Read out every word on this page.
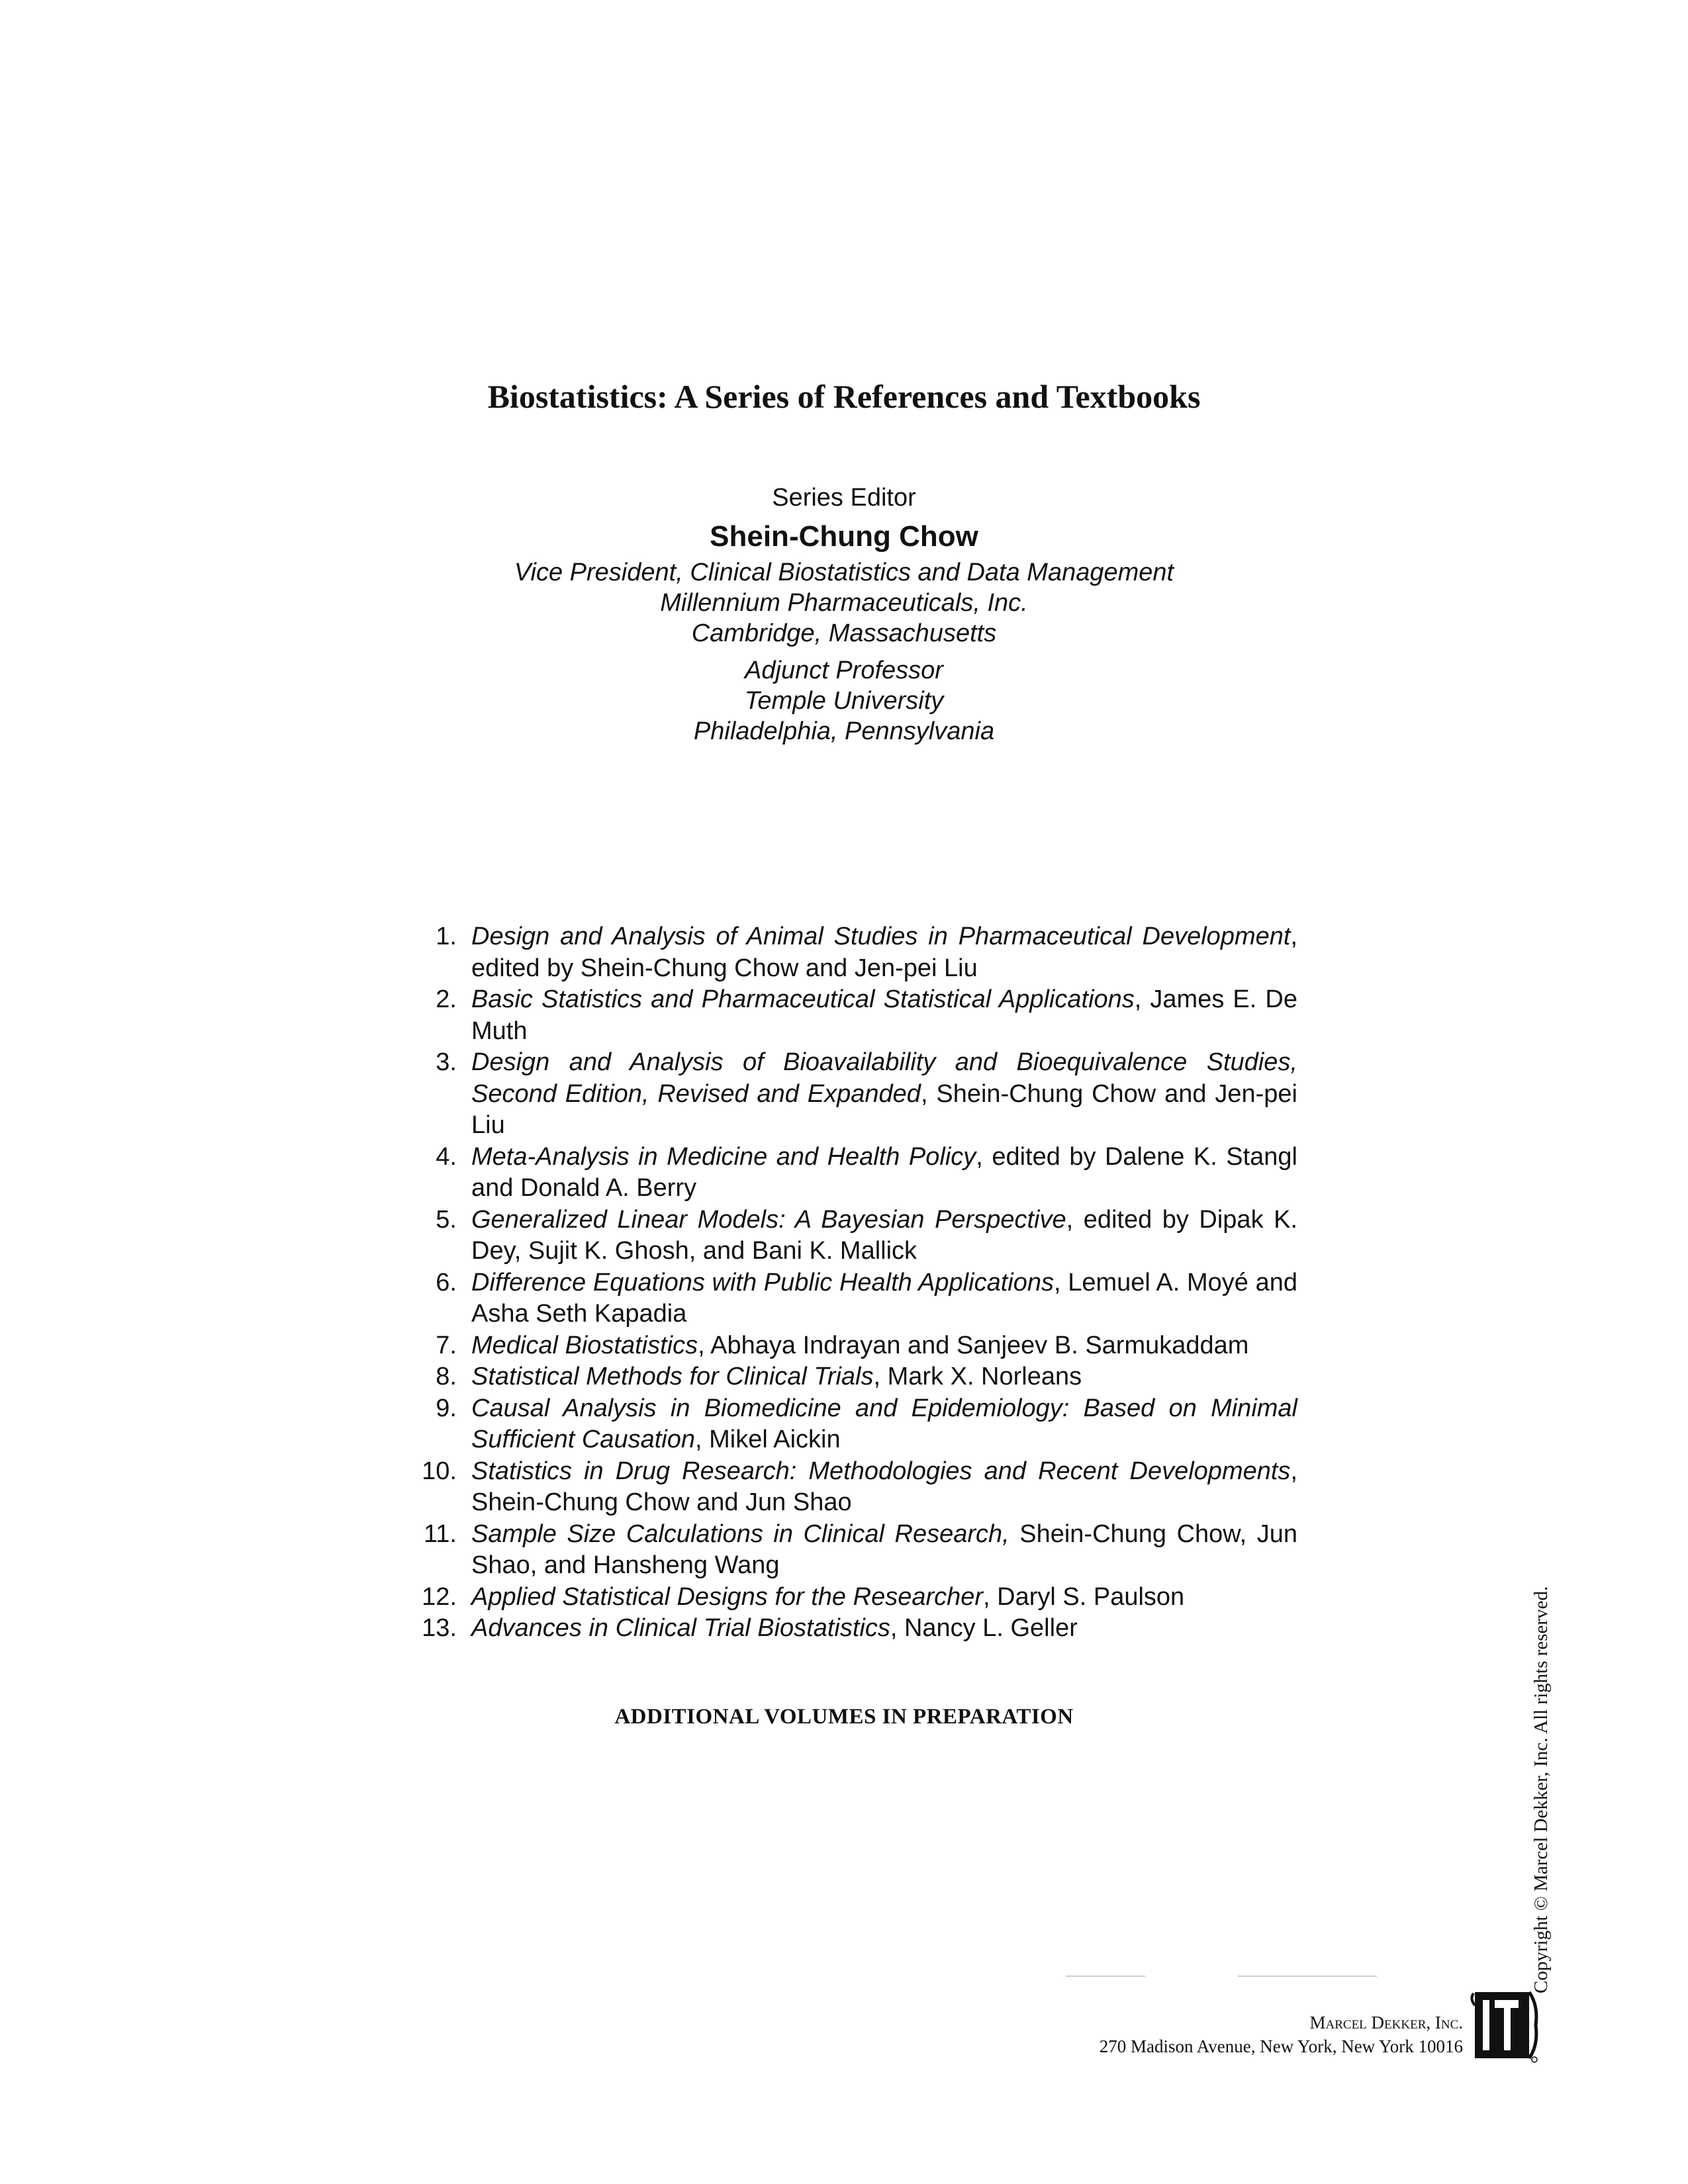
Biostatistics: A Series of References and Textbooks
Series Editor
Shein-Chung Chow
Vice President, Clinical Biostatistics and Data Management
Millennium Pharmaceuticals, Inc.
Cambridge, Massachusetts
Adjunct Professor
Temple University
Philadelphia, Pennsylvania
1. Design and Analysis of Animal Studies in Pharmaceutical Development, edited by Shein-Chung Chow and Jen-pei Liu
2. Basic Statistics and Pharmaceutical Statistical Applications, James E. De Muth
3. Design and Analysis of Bioavailability and Bioequivalence Studies, Second Edition, Revised and Expanded, Shein-Chung Chow and Jen-pei Liu
4. Meta-Analysis in Medicine and Health Policy, edited by Dalene K. Stangl and Donald A. Berry
5. Generalized Linear Models: A Bayesian Perspective, edited by Dipak K. Dey, Sujit K. Ghosh, and Bani K. Mallick
6. Difference Equations with Public Health Applications, Lemuel A. Moyé and Asha Seth Kapadia
7. Medical Biostatistics, Abhaya Indrayan and Sanjeev B. Sarmukaddam
8. Statistical Methods for Clinical Trials, Mark X. Norleans
9. Causal Analysis in Biomedicine and Epidemiology: Based on Minimal Sufficient Causation, Mikel Aickin
10. Statistics in Drug Research: Methodologies and Recent Developments, Shein-Chung Chow and Jun Shao
11. Sample Size Calculations in Clinical Research, Shein-Chung Chow, Jun Shao, and Hansheng Wang
12. Applied Statistical Designs for the Researcher, Daryl S. Paulson
13. Advances in Clinical Trial Biostatistics, Nancy L. Geller
ADDITIONAL VOLUMES IN PREPARATION	Copyright © Marcel Dekker, Inc. All rights reserved.
Marcel Dekker, Inc.
270 Madison Avenue, New York, New York 10016
